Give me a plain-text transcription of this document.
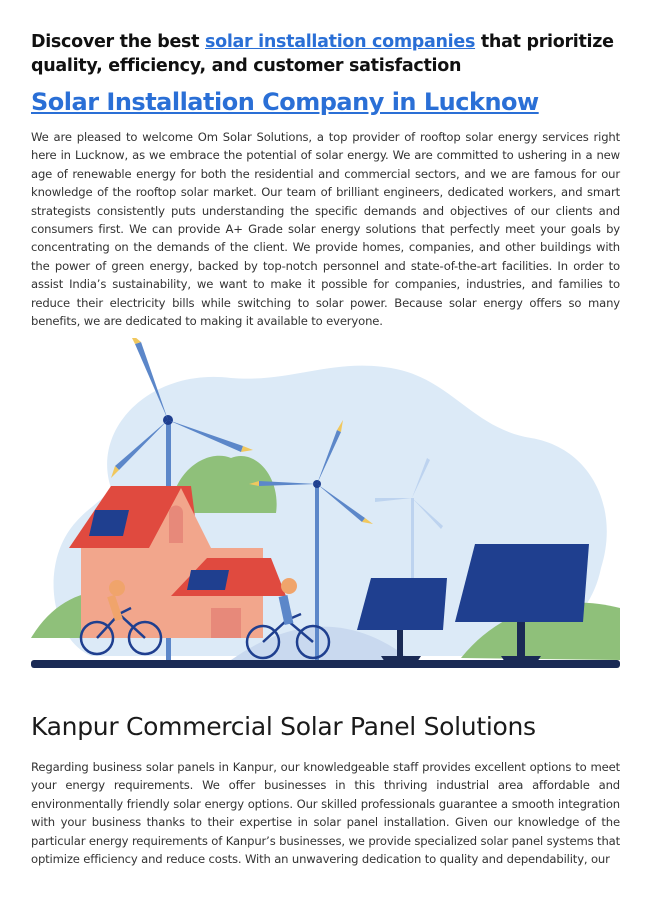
Discover the best solar installation companies that prioritize quality, efficiency, and customer satisfaction

Solar Installation Company in Lucknow

We are pleased to welcome Om Solar Solutions, a top provider of rooftop solar energy services right here in Lucknow, as we embrace the potential of solar energy. We are committed to ushering in a new age of renewable energy for both the residential and commercial sectors, and we are famous for our knowledge of the rooftop solar market. Our team of brilliant engineers, dedicated workers, and smart strategists consistently puts understanding the specific demands and objectives of our clients and consumers first. We can provide A+ Grade solar energy solutions that perfectly meet your goals by concentrating on the demands of the client. We provide homes, companies, and other buildings with the power of green energy, backed by top-notch personnel and state-of-the-art facilities. In order to assist India’s sustainability, we want to make it possible for companies, industries, and families to reduce their electricity bills while switching to solar power. Because solar energy offers so many benefits, we are dedicated to making it available to everyone.

Kanpur Commercial Solar Panel Solutions

Regarding business solar panels in Kanpur, our knowledgeable staff provides excellent options to meet your energy requirements. We offer businesses in this thriving industrial area affordable and environmentally friendly solar energy options. Our skilled professionals guarantee a smooth integration with your business thanks to their expertise in solar panel installation. Given our knowledge of the particular energy requirements of Kanpur’s businesses, we provide specialized solar panel systems that optimize efficiency and reduce costs. With an unwavering dedication to quality and dependability, our
